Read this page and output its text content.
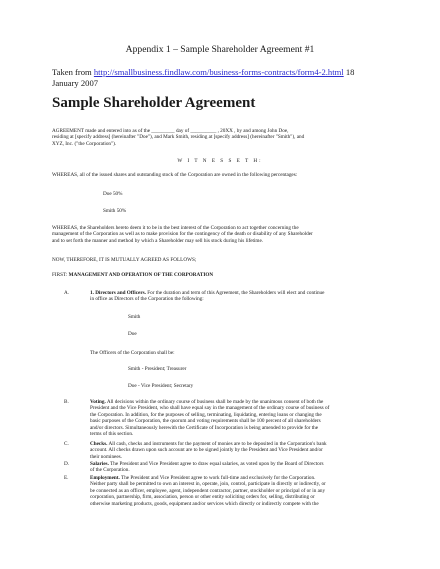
Appendix 1 – Sample Shareholder Agreement #1
Taken from http://smallbusiness.findlaw.com/business-forms-contracts/form4-2.html 18
January 2007
Sample Shareholder Agreement
AGREEMENT made and entered into as of the _________ day of __________ , 20XX , by and among John Doe,
residing at [specify address] (hereinafter "Doe"), and Mark Smith, residing at [specify address] (hereinafter "Smith"), and
XYZ, Inc. ("the Corporation").
W I T N E S S E T H:
WHEREAS, all of the issued shares and outstanding stock of the Corporation are owned in the following percentages:
Doe 50%
Smith 50%
WHEREAS, the Shareholders hereto deem it to be in the best interest of the Corporation to act together concerning the
management of the Corporation as well as to make provision for the contingency of the death or disability of any Shareholder
and to set forth the manner and method by which a Shareholder may sell his stock during his lifetime.
NOW, THEREFORE, IT IS MUTUALLY AGREED AS FOLLOWS;
FIRST: MANAGEMENT AND OPERATION OF THE CORPORATION
A.	1. Directors and Officers. For the duration and term of this Agreement, the Shareholders will elect and continue
in office as Directors of the Corporation the following:
Smith
Doe
The Officers of the Corporation shall be:
Smith - President; Treasurer
Doe - Vice President; Secretary
B.	Voting. All decisions within the ordinary course of business shall be made by the unanimous consent of both the
President and the Vice President, who shall have equal say in the management of the ordinary course of business of
the Corporation. In addition, for the purposes of selling, terminating, liquidating, entering loans or changing the
basic purposes of the Corporation, the quorum and voting requirements shall be 100 percent of all shareholders
and/or directors. Simultaneously herewith the Certificate of Incorporation is being amended to provide for the
terms of this section.
C.	Checks. All cash, checks and instruments for the payment of monies are to be deposited in the Corporation's bank
account. All checks drawn upon such account are to be signed jointly by the President and Vice President and/or
their nominees.
D.	Salaries. The President and Vice President agree to draw equal salaries, as voted upon by the Board of Directors
of the Corporation.
E.	Employment. The President and Vice President agree to work full-time and exclusively for the Corporation.
Neither party shall be permitted to own an interest in, operate, join, control, participate in directly or indirectly, or
be connected as an officer, employee, agent, independent contractor, partner, stockholder or principal of or in any
corporation, partnership, firm, association, person or other entity soliciting orders for, selling, distributing or
otherwise marketing products, goods, equipment and/or services which directly or indirectly compete with the
